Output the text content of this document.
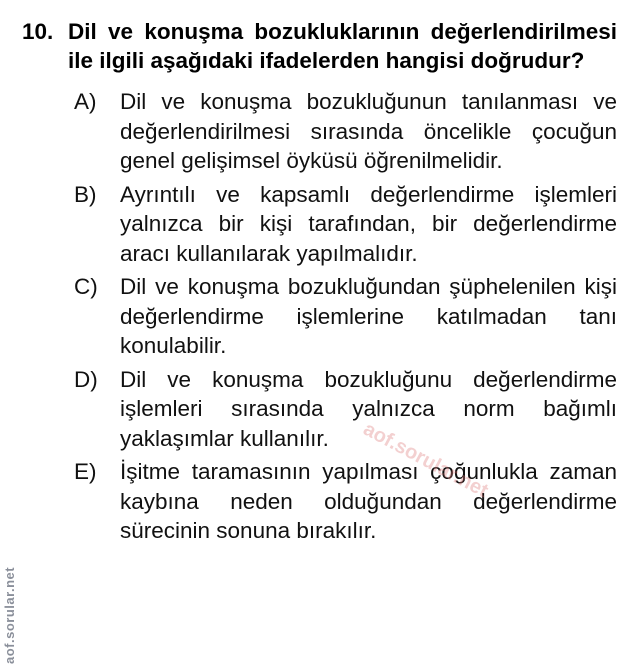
10. Dil ve konuşma bozukluklarının değerlendirilmesi ile ilgili aşağıdaki ifadelerden hangisi doğrudur?
A)	Dil ve konuşma bozukluğunun tanılanması ve değerlendirilmesi sırasında öncelikle çocuğun genel gelişimsel öyküsü öğrenilmelidir.
B)	Ayrıntılı ve kapsamlı değerlendirme işlemleri yalnızca bir kişi tarafından, bir değerlendirme aracı kullanılarak yapılmalıdır.
C) Dil ve konuşma bozukluğundan şüphelenilen kişi değerlendirme işlemlerine katılmadan tanı konulabilir.
D) Dil ve konuşma bozukluğunu değerlendirme işlemleri sırasında yalnızca norm bağımlı yaklaşımlar kullanılır.
E)	İşitme taramasının yapılması çoğunlukla zaman kaybına neden olduğundan değerlendirme sürecinin sonuna bırakılır.
aof.sorular.net
aof.sorular.net
